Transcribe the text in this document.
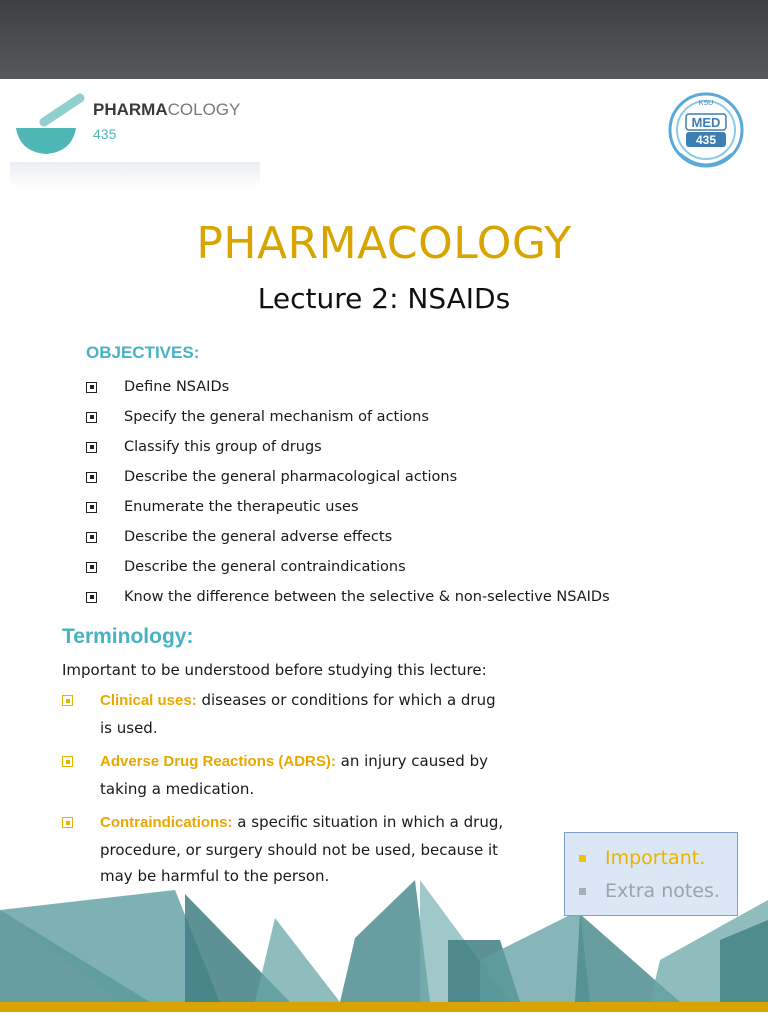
PHARMACOLOGY
435
KSU
MED
435
PHARMACOLOGY
Lecture 2: NSAIDs
OBJECTIVES:
Define NSAIDs
Specify the general mechanism of actions
Classify this group of drugs
Describe the general pharmacological actions
Enumerate the therapeutic uses
Describe the general adverse effects
Describe the general contraindications
Know the difference between the selective & non-selective NSAIDs
Terminology:
Important to be understood before studying this lecture:
Clinical uses: diseases or conditions for which a drug is used.
Adverse Drug Reactions (ADRS): an injury caused by taking a medication.
Contraindications: a specific situation in which a drug, procedure, or surgery should not be used, because it may be harmful to the person.
Important.
Extra notes.
